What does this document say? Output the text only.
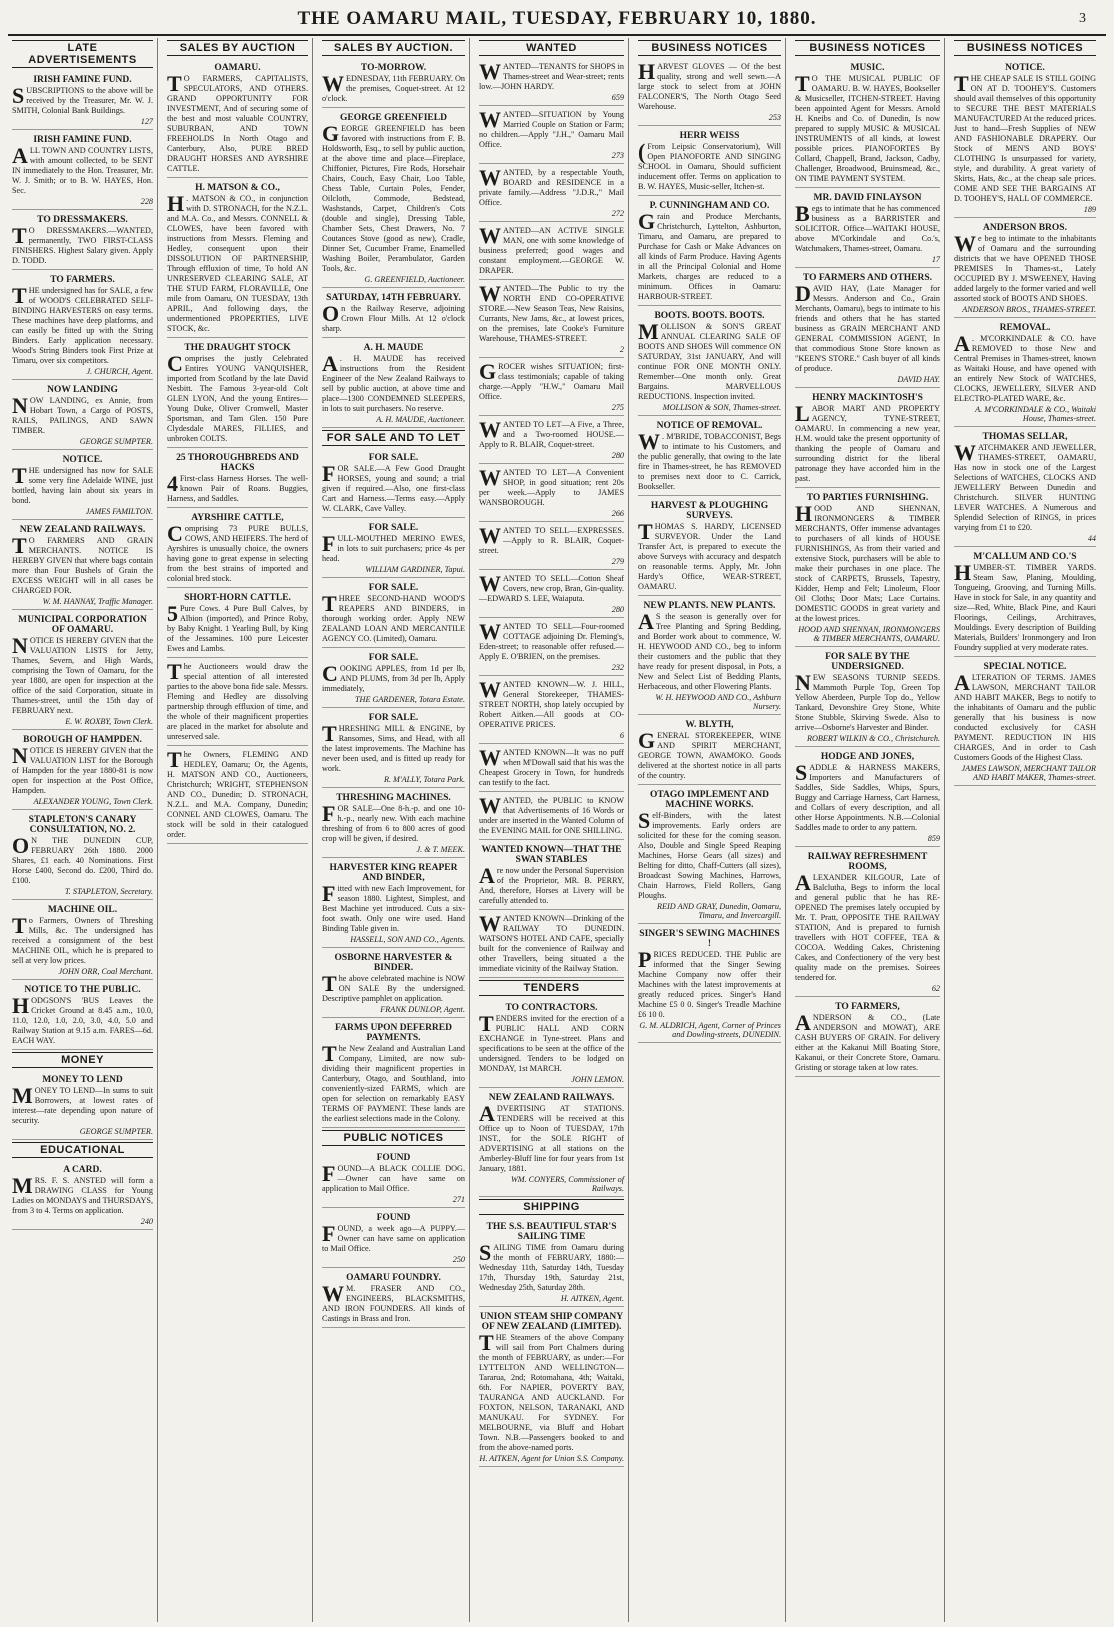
THE OAMARU MAIL, TUESDAY, FEBRUARY 10, 1880.	3
LATE ADVERTISEMENTS
IRISH FAMINE FUND.
SUBSCRIPTIONS to the above will be received by the Treasurer, Mr. W. J. SMITH, Colonial Bank Buildings.
127
IRISH FAMINE FUND.
ALL TOWN AND COUNTRY LISTS, with amount collected, to be SENT IN immediately to the Hon. Treasurer, Mr. W. J. Smith; or to B. W. HAYES, Hon. Sec.
228
TO DRESSMAKERS.
T O DRESSMAKERS.—WANTED, permanently, TWO FIRST-CLASS FINISHERS. Highest Salary given. Apply D. TODD.
TO FARMERS.
THE undersigned has for SALE, a few of WOOD'S CELEBRATED SELF-BINDING HARVESTERS on easy terms. These machines have deep platforms, and can easily be fitted up with the String Binders. Early application necessary. Wood's String Binders took First Prize at Timaru, over six competitors.
J. CHURCH, Agent.
NOW LANDING
NOW LANDING, ex Annie, from Hobart Town, a Cargo of POSTS, RAILS, PAILINGS, AND SAWN TIMBER.
GEORGE SUMPTER.
NOTICE.
THE undersigned has now for SALE some very fine Adelaide WINE, just bottled, having lain about six years in bond.
JAMES FAMILTON.
NEW ZEALAND RAILWAYS.
T O FARMERS AND GRAIN MERCHANTS. NOTICE IS HEREBY GIVEN that where bags contain more than Four Bushels of Grain the EXCESS WEIGHT will in all cases be CHARGED FOR.
W. M. HANNAY, Traffic Manager.
MUNICIPAL CORPORATION OF OAMARU.
NOTICE IS HEREBY GIVEN that the VALUATION LISTS for Jetty, Thames, Severn, and High Wards, comprising the Town of Oamaru, for the year 1880, are open for inspection at the office of the said Corporation, situate in Thames-street, until the 15th day of FEBRUARY next.
E. W. ROXBY, Town Clerk.
BOROUGH OF HAMPDEN.
NOTICE IS HEREBY GIVEN that the VALUATION LIST for the Borough of Hampden for the year 1880-81 is now open for inspection at the Post Office, Hampden.
ALEXANDER YOUNG, Town Clerk.
STAPLETON'S CANARY CONSULTATION, NO. 2.
O N THE DUNEDIN CUP, FEBRUARY 26th 1880. 2000 Shares, £1 each. 40 Nominations. First Horse £400, Second do. £200, Third do. £100.
T. STAPLETON, Secretary.
MACHINE OIL.
To Farmers, Owners of Threshing Mills, &c. The undersigned has received a consignment of the best MACHINE OIL, which he is prepared to sell at very low prices.
JOHN ORR, Coal Merchant.
NOTICE TO THE PUBLIC.
HODGSON'S 'BUS Leaves the Cricket Ground at 8.45 a.m., 10.0, 11.0, 12.0, 1.0, 2.0, 3.0, 4.0, 5.0 and Railway Station at 9.15 a.m. FARES—6d. EACH WAY.
MONEY
MONEY TO LEND
MONEY TO LEND—In sums to suit Borrowers, at lowest rates of interest—rate depending upon nature of security.
GEORGE SUMPTER.
EDUCATIONAL
A CARD.
MRS. F. S. ANSTED will form a DRAWING CLASS for Young Ladies on MONDAYS and THURSDAYS, from 3 to 4. Terms on application.
240
SALES BY AUCTION
OAMARU.
T O FARMERS, CAPITALISTS, SPECULATORS, AND OTHERS. GRAND OPPORTUNITY FOR INVESTMENT, And of securing some of the best and most valuable COUNTRY, SUBURBAN, AND TOWN FREEHOLDS In North Otago and Canterbury, Also, PURE BRED DRAUGHT HORSES AND AYRSHIRE CATTLE.
H. MATSON & CO.,
H . MATSON & CO., in conjunction with D. STRONACH, for the N.Z.L. and M.A. Co., and Messrs. CONNELL & CLOWES, have been favored with instructions from Messrs. Fleming and Hedley, consequent upon their DISSOLUTION OF PARTNERSHIP, Through effluxion of time, To hold AN UNRESERVED CLEARING SALE, AT THE STUD FARM, FLORAVILLE, One mile from Oamaru, ON TUESDAY, 13th APRIL, And following days, the undermentioned PROPERTIES, LIVE STOCK, &c.
THE DRAUGHT STOCK
Comprises the justly Celebrated Entires YOUNG VANQUISHER, imported from Scotland by the late David Nesbitt. The Famous 3-year-old Colt GLEN LYON, And the young Entires—Young Duke, Oliver Cromwell, Master Sportsman, and Tam Glen. 150 Pure Clydesdale MARES, FILLIES, and unbroken COLTS.
25 THOROUGHBREDS AND HACKS
4 First-class Harness Horses. The well-known Pair of Roans. Buggies, Harness, and Saddles.
AYRSHIRE CATTLE,
Comprising 73 PURE BULLS, COWS, AND HEIFERS. The herd of Ayrshires is unusually choice, the owners having gone to great expense in selecting from the best strains of imported and colonial bred stock.
SHORT-HORN CATTLE.
5 Pure Cows. 4 Pure Bull Calves, by Albion (imported), and Prince Roby, by Baby Knight. 1 Yearling Bull, by King of the Jessamines. 100 pure Leicester Ewes and Lambs.
The Auctioneers would draw the special attention of all interested parties to the above bona fide sale. Messrs. Fleming and Hedley are dissolving partnership through effluxion of time, and the whole of their magnificent properties are placed in the market for absolute and unreserved sale.
The Owners, FLEMING AND HEDLEY, Oamaru; Or, the Agents, H. MATSON AND CO., Auctioneers, Christchurch; WRIGHT, STEPHENSON AND CO., Dunedin; D. STRONACH, N.Z.L. and M.A. Company, Dunedin; CONNEL AND CLOWES, Oamaru. The stock will be sold in their catalogued order.
SALES BY AUCTION.
TO-MORROW.
WEDNESDAY, 11th FEBRUARY. On the premises, Coquet-street. At 12 o'clock.
GEORGE GREENFIELD
GEORGE GREENFIELD has been favored with instructions from F. B. Holdsworth, Esq., to sell by public auction, at the above time and place—Fireplace, Chiffonier, Pictures, Fire Rods, Horsehair Chairs, Couch, Easy Chair, Loo Table, Chess Table, Curtain Poles, Fender, Oilcloth, Commode, Bedstead, Washstands, Carpet, Children's Cots (double and single), Dressing Table, Chamber Sets, Chest Drawers, No. 7 Coutances Stove (good as new), Cradle, Dinner Set, Cucumber Frame, Enamelled Washing Boiler, Perambulator, Garden Tools, &c.
G. GREENFIELD, Auctioneer.
SATURDAY, 14TH FEBRUARY.
On the Railway Reserve, adjoining Crown Flour Mills. At 12 o'clock sharp.
A. H. MAUDE
A . H. MAUDE has received instructions from the Resident Engineer of the New Zealand Railways to sell by public auction, at above time and place—1300 CONDEMNED SLEEPERS, in lots to suit purchasers. No reserve.
A. H. MAUDE, Auctioneer.
FOR SALE AND TO LET
FOR SALE.
FOR SALE.—A Few Good Draught HORSES, young and sound; a trial given if required.—Also, one first-class Cart and Harness.—Terms easy.—Apply W. CLARK, Cave Valley.
FOR SALE.
FULL-MOUTHED MERINO EWES, in lots to suit purchasers; price 4s per head.
WILLIAM GARDINER, Tapui.
FOR SALE.
THREE SECOND-HAND WOOD'S REAPERS AND BINDERS, in thorough working order. Apply NEW ZEALAND LOAN AND MERCANTILE AGENCY CO. (Limited), Oamaru.
FOR SALE.
COOKING APPLES, from 1d per lb, AND PLUMS, from 3d per lb, Apply immediately,
THE GARDENER, Totara Estate.
FOR SALE.
THRESHING MILL & ENGINE, by Ransomes, Sims, and Head, with all the latest improvements. The Machine has never been used, and is fitted up ready for work.
R. M'ALLY, Totara Park.
THRESHING MACHINES.
FOR SALE—One 8-h.-p. and one 10-h.-p., nearly new. With each machine threshing of from 6 to 800 acres of good crop will be given, if desired.
J. & T. MEEK.
HARVESTER KING REAPER AND BINDER,
Fitted with new Each Improvement, for season 1880. Lightest, Simplest, and Best Machine yet introduced. Cuts a six-foot swath. Only one wire used. Hand Binding Table given in.
HASSELL, SON AND CO., Agents.
OSBORNE HARVESTER & BINDER.
The above celebrated machine is NOW ON SALE By the undersigned. Descriptive pamphlet on application.
FRANK DUNLOP, Agent.
FARMS UPON DEFERRED PAYMENTS.
The New Zealand and Australian Land Company, Limited, are now sub-dividing their magnificent properties in Canterbury, Otago, and Southland, into conveniently-sized FARMS, which are open for selection on remarkably EASY TERMS OF PAYMENT. These lands are the earliest selections made in the Colony.
PUBLIC NOTICES
FOUND
FOUND—A BLACK COLLIE DOG.—Owner can have same on application to Mail Office.
271
FOUND
FOUND, a week ago—A PUPPY.—Owner can have same on application to Mail Office.
250
OAMARU FOUNDRY.
W M. FRASER AND CO., ENGINEERS, BLACKSMITHS, AND IRON FOUNDERS. All kinds of Castings in Brass and Iron.
WANTED
WANTED—TENANTS for SHOPS in Thames-street and Wear-street; rents low.—JOHN HARDY.
659
WANTED—SITUATION by Young Married Couple on Station or Farm; no children.—Apply "J.H.," Oamaru Mail Office.
273
WANTED, by a respectable Youth, BOARD and RESIDENCE in a private family.—Address "J.D.R.," Mail Office.
272
WANTED—AN ACTIVE SINGLE MAN, one with some knowledge of business preferred; good wages and constant employment.—GEORGE W. DRAPER.
WANTED—The Public to try the NORTH END CO-OPERATIVE STORE.—New Season Teas, New Raisins, Currants, New Jams, &c., at lowest prices, on the premises, late Cooke's Furniture Warehouse, THAMES-STREET.
2
GROCER wishes SITUATION; first-class testimonials; capable of taking charge.—Apply "H.W.," Oamaru Mail Office.
275
WANTED TO LET—A Five, a Three, and a Two-roomed HOUSE.—Apply to R. BLAIR, Coquet-street.
280
WANTED TO LET—A Convenient SHOP, in good situation; rent 20s per week.—Apply to JAMES WANSBOROUGH.
266
WANTED TO SELL—EXPRESSES. —Apply to R. BLAIR, Coquet-street.
279
WANTED TO SELL—Cotton Sheaf Covers, new crop, Bran, Gin-quality.—EDWARD S. LEE, Waiaputa.
280
WANTED TO SELL—Four-roomed COTTAGE adjoining Dr. Fleming's, Eden-street; to reasonable offer refused.—Apply E. O'BRIEN, on the premises.
232
WANTED KNOWN—W. J. HILL, General Storekeeper, THAMES-STREET NORTH, shop lately occupied by Robert Aitken.—All goods at CO-OPERATIVE PRICES.
6
WANTED KNOWN—It was no puff when M'Dowall said that his was the Cheapest Grocery in Town, for hundreds can testify to the fact.
WANTED, the PUBLIC to KNOW that Advertisements of 16 Words or under are inserted in the Wanted Column of the EVENING MAIL for ONE SHILLING.
WANTED KNOWN—THAT THE SWAN STABLES
Are now under the Personal Supervision of the Proprietor, MR. B. PERRY, And, therefore, Horses at Livery will be carefully attended to.
WANTED KNOWN—Drinking of the RAILWAY TO DUNEDIN. WATSON'S HOTEL AND CAFE, specially built for the convenience of Railway and other Travellers, being situated a the immediate vicinity of the Railway Station.
TENDERS
TO CONTRACTORS.
TENDERS invited for the erection of a PUBLIC HALL AND CORN EXCHANGE in Tyne-street. Plans and specifications to be seen at the office of the undersigned. Tenders to be lodged on MONDAY, 1st MARCH.
JOHN LEMON.
NEW ZEALAND RAILWAYS.
ADVERTISING AT STATIONS. TENDERS will be received at this Office up to Noon of TUESDAY, 17th INST., for the SOLE RIGHT of ADVERTISING at all stations on the Amberley-Bluff line for four years from 1st January, 1881.
WM. CONYERS, Commissioner of Railways.
SHIPPING
THE S.S. BEAUTIFUL STAR'S SAILING TIME
SAILING TIME from Oamaru during the month of FEBRUARY, 1880:—Wednesday 11th, Saturday 14th, Tuesday 17th, Thursday 19th, Saturday 21st, Wednesday 25th, Saturday 28th.
H. AITKEN, Agent.
UNION STEAM SHIP COMPANY OF NEW ZEALAND (LIMITED).
THE Steamers of the above Company will sail from Port Chalmers during the month of FEBRUARY, as under:—For LYTTELTON AND WELLINGTON—Tararua, 2nd; Rotomahana, 4th; Waitaki, 6th. For NAPIER, POVERTY BAY, TAURANGA AND AUCKLAND. For FOXTON, NELSON, TARANAKI, AND MANUKAU. For SYDNEY. For MELBOURNE, via Bluff and Hobart Town. N.B.—Passengers booked to and from the above-named ports.
H. AITKEN, Agent for Union S.S. Company.
BUSINESS NOTICES
HARVEST GLOVES — Of the best quality, strong and well sewn.—A large stock to select from at JOHN FALCONER'S, The North Otago Seed Warehouse.
253
HERR WEISS
( From Leipsic Conservatorium), Will Open PIANOFORTE AND SINGING SCHOOL in Oamaru, Should sufficient inducement offer. Terms on application to B. W. HAYES, Music-seller, Itchen-st.
P. CUNNINGHAM AND CO.
Grain and Produce Merchants, Christchurch, Lyttelton, Ashburton, Timaru, and Oamaru, are prepared to Purchase for Cash or Make Advances on all kinds of Farm Produce. Having Agents in all the Principal Colonial and Home Markets, charges are reduced to a minimum. Offices in Oamaru: HARBOUR-STREET.
BOOTS. BOOTS. BOOTS.
MOLLISON & SON'S GREAT ANNUAL CLEARING SALE OF BOOTS AND SHOES Will commence ON SATURDAY, 31st JANUARY, And will continue FOR ONE MONTH ONLY. Remember—One month only. Great Bargains. MARVELLOUS REDUCTIONS. Inspection invited.
MOLLISON & SON, Thames-street.
NOTICE OF REMOVAL.
W . M'BRIDE, TOBACCONIST, Begs to intimate to his Customers, and the public generally, that owing to the late fire in Thames-street, he has REMOVED to premises next door to C. Carrick, Bookseller.
HARVEST & PLOUGHING SURVEYS.
THOMAS S. HARDY, LICENSED SURVEYOR. Under the Land Transfer Act, is prepared to execute the above Surveys with accuracy and despatch on reasonable terms. Apply, Mr. John Hardy's Office, WEAR-STREET, OAMARU.
NEW PLANTS. NEW PLANTS.
A S the season is generally over for Tree Planting and Spring Bedding, and Border work about to commence, W. H. HEYWOOD AND CO., beg to inform their customers and the public that they have ready for present disposal, in Pots, a New and Select List of Bedding Plants, Herbaceous, and other Flowering Plants.
W. H. HEYWOOD AND CO., Ashburn Nursery.
W. BLYTH,
GENERAL STOREKEEPER, WINE AND SPIRIT MERCHANT, GEORGE TOWN, AWAMOKO. Goods delivered at the shortest notice in all parts of the country.
OTAGO IMPLEMENT AND MACHINE WORKS.
Self-Binders, with the latest improvements. Early orders are solicited for these for the coming season. Also, Double and Single Speed Reaping Machines, Horse Gears (all sizes) and Belting for ditto, Chaff-Cutters (all sizes), Broadcast Sowing Machines, Harrows, Chain Harrows, Field Rollers, Gang Ploughs.
REID AND GRAY, Dunedin, Oamaru, Timaru, and Invercargill.
SINGER'S SEWING MACHINES !
PRICES REDUCED. THE Public are informed that the Singer Sewing Machine Company now offer their Machines with the latest improvements at greatly reduced prices. Singer's Hand Machine £5 0 0. Singer's Treadle Machine £6 10 0.
G. M. ALDRICH, Agent, Corner of Princes and Dowling-streets, DUNEDIN.
BUSINESS NOTICES
MUSIC.
T O THE MUSICAL PUBLIC OF OAMARU. B. W. HAYES, Bookseller & Musicseller, ITCHEN-STREET. Having been appointed Agent for Messrs. Arnold H. Kneibs and Co. of Dunedin, Is now prepared to supply MUSIC & MUSICAL INSTRUMENTS of all kinds, at lowest possible prices. PIANOFORTES By Collard, Chappell, Brand, Jackson, Cadby, Challenger, Broadwood, Bruinsmead, &c., ON TIME PAYMENT SYSTEM.
MR. DAVID FINLAYSON
Begs to intimate that he has commenced business as a BARRISTER and SOLICITOR. Office—WAITAKI HOUSE, above M'Corkindale and Co.'s, Watchmakers, Thames-street, Oamaru.
17
TO FARMERS AND OTHERS.
DAVID HAY, (Late Manager for Messrs. Anderson and Co., Grain Merchants, Oamaru), begs to intimate to his friends and others that he has started business as GRAIN MERCHANT AND GENERAL COMMISSION AGENT, In that commodious Stone Store known as "KEEN'S STORE." Cash buyer of all kinds of produce.
DAVID HAY.
HENRY MACKINTOSH'S
LABOR MART AND PROPERTY AGENCY, TYNE-STREET, OAMARU. In commencing a new year, H.M. would take the present opportunity of thanking the people of Oamaru and surrounding district for the liberal patronage they have accorded him in the past.
TO PARTIES FURNISHING.
HOOD AND SHENNAN, IRONMONGERS & TIMBER MERCHANTS, Offer immense advantages to purchasers of all kinds of HOUSE FURNISHINGS, As from their varied and extensive Stock, purchasers will be able to make their purchases in one place. The stock of CARPETS, Brussels, Tapestry, Kidder, Hemp and Felt; Linoleum, Floor Oil Cloths; Door Mats; Lace Curtains. DOMESTIC GOODS in great variety and at the lowest prices.
HOOD AND SHENNAN, IRONMONGERS & TIMBER MERCHANTS, OAMARU.
FOR SALE BY THE UNDERSIGNED.
NEW SEASONS TURNIP SEEDS. Mammoth Purple Top, Green Top Yellow Aberdeen, Purple Top do., Yellow Tankard, Devonshire Grey Stone, White Stone Stubble, Skirving Swede. Also to arrive—Osborne's Harvester and Binder.
ROBERT WILKIN & CO., Christchurch.
HODGE AND JONES,
SADDLE & HARNESS MAKERS, Importers and Manufacturers of Saddles, Side Saddles, Whips, Spurs, Buggy and Carriage Harness, Cart Harness, and Collars of every description, and all other Horse Appointments. N.B.—Colonial Saddles made to order to any pattern.
859
RAILWAY REFRESHMENT ROOMS,
ALEXANDER KILGOUR, Late of Balclutha, Begs to inform the local and general public that he has RE-OPENED The premises lately occupied by Mr. T. Pratt, OPPOSITE THE RAILWAY STATION, And is prepared to furnish travellers with HOT COFFEE, TEA & COCOA. Wedding Cakes, Christening Cakes, and Confectionery of the very best quality made on the premises. Soirees tendered for.
62
TO FARMERS,
ANDERSON & CO., (Late ANDERSON and MOWAT), ARE CASH BUYERS OF GRAIN. For delivery either at the Kakanui Mill Boating Store, Kakanui, or their Concrete Store, Oamaru. Gristing or storage taken at low rates.
BUSINESS NOTICES
NOTICE.
THE CHEAP SALE IS STILL GOING ON AT D. TOOHEY'S. Customers should avail themselves of this opportunity to SECURE THE BEST MATERIALS MANUFACTURED At the reduced prices. Just to hand—Fresh Supplies of NEW AND FASHIONABLE DRAPERY. Our Stock of MEN'S AND BOYS' CLOTHING Is unsurpassed for variety, style, and durability. A great variety of Skirts, Hats, &c., at the cheap sale prices. COME AND SEE THE BARGAINS AT D. TOOHEY'S, HALL OF COMMERCE.
189
ANDERSON BROS.
We beg to intimate to the inhabitants of Oamaru and the surrounding districts that we have OPENED THOSE PREMISES In Thames-st., Lately OCCUPIED BY J. M'SWEENEY, Having added largely to the former varied and well assorted stock of BOOTS AND SHOES.
ANDERSON BROS., THAMES-STREET.
REMOVAL.
A . M'CORKINDALE & CO. have REMOVED to those New and Central Premises in Thames-street, known as Waitaki House, and have opened with an entirely New Stock of WATCHES, CLOCKS, JEWELLERY, SILVER AND ELECTRO-PLATED WARE, &c.
A. M'CORKINDALE & CO., Waitaki House, Thames-street.
THOMAS SELLAR,
WATCHMAKER AND JEWELLER, THAMES-STREET, OAMARU, Has now in stock one of the Largest Selections of WATCHES, CLOCKS AND JEWELLERY Between Dunedin and Christchurch. SILVER HUNTING LEVER WATCHES. A Numerous and Splendid Selection of RINGS, in prices varying from £1 to £20.
44
M'CALLUM AND CO.'S
HUMBER-ST. TIMBER YARDS. Steam Saw, Planing, Moulding, Tongueing, Grooving, and Turning Mills. Have in stock for Sale, in any quantity and size—Red, White, Black Pine, and Kauri Floorings, Ceilings, Architraves, Mouldings. Every description of Building Materials, Builders' Ironmongery and Iron Foundry supplied at very moderate rates.
SPECIAL NOTICE.
ALTERATION OF TERMS. JAMES LAWSON, MERCHANT TAILOR AND HABIT MAKER, Begs to notify to the inhabitants of Oamaru and the public generally that his business is now conducted exclusively for CASH PAYMENT. REDUCTION IN HIS CHARGES, And in order to Cash Customers Goods of the Highest Class.
JAMES LAWSON, MERCHANT TAILOR AND HABIT MAKER, Thames-street.
